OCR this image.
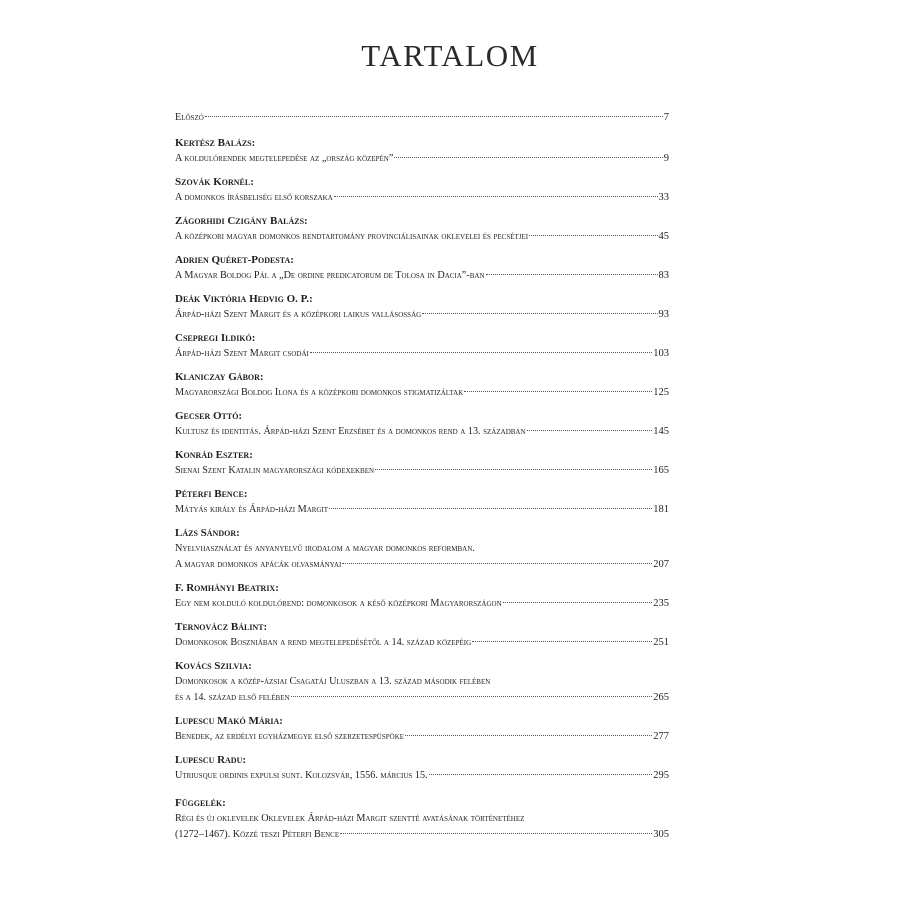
TARTALOM
Előszó	7
Kertész Balázs:
A koldulórendek megtelepedése az „ország közepén”	9
Szovák Kornél:
A domonkos írásbeliség első korszaka	33
Zágorhidi Czigány Balázs:
A középkori magyar domonkos rendtartomány provinciálisainak oklevelei és pecsétjei	45
Adrien Quéret-Podesta:
A Magyar Boldog Pál a „De ordine predicatorum de Tolosa in Dacia”-ban	83
Deák Viktória Hedvig O. P.:
Árpád-házi Szent Margit és a középkori laikus vallásosság	93
Csepregi Ildikó:
Árpád-házi Szent Margit csodái	103
Klaniczay Gábor:
Magyarországi Boldog Ilona és a középkori domonkos stigmatizáltak	125
Gecser Ottó:
Kultusz és identitás. Árpád-házi Szent Erzsébet és a domonkos rend a 13. században	145
Konrád Eszter:
Sienai Szent Katalin magyarországi kódexekben	165
Péterfi Bence:
Mátyás király és Árpád-házi Margit	181
Lázs Sándor:
Nyelvhasználat és anyanyelvű irodalom a magyar domonkos reformban.
A magyar domonkos apácák olvasmányai	207
F. Romhányi Beatrix:
Egy nem kolduló koldulórend: domonkosok a késő középkori Magyarországon	235
Ternovácz Bálint:
Domonkosok Boszniában a rend megtelepedésétől a 14. század közepéig	251
Kovács Szilvia:
Domonkosok a közép-ázsiai Csagatáj Uluszban a 13. század második felében
és a 14. század első felében	265
Lupescu Makó Mária:
Benedek, az erdélyi egyházmegye első szerzetespüspöke	277
Lupescu Radu:
Utriusque ordinis expulsi sunt. Kolozsvár, 1556. március 15.	295
Függelék:
Régi és új oklevelek Oklevelek Árpád-házi Margit szentté avatásának történetéhez
(1272–1467). Közzé teszi Péterfi Bence	305
